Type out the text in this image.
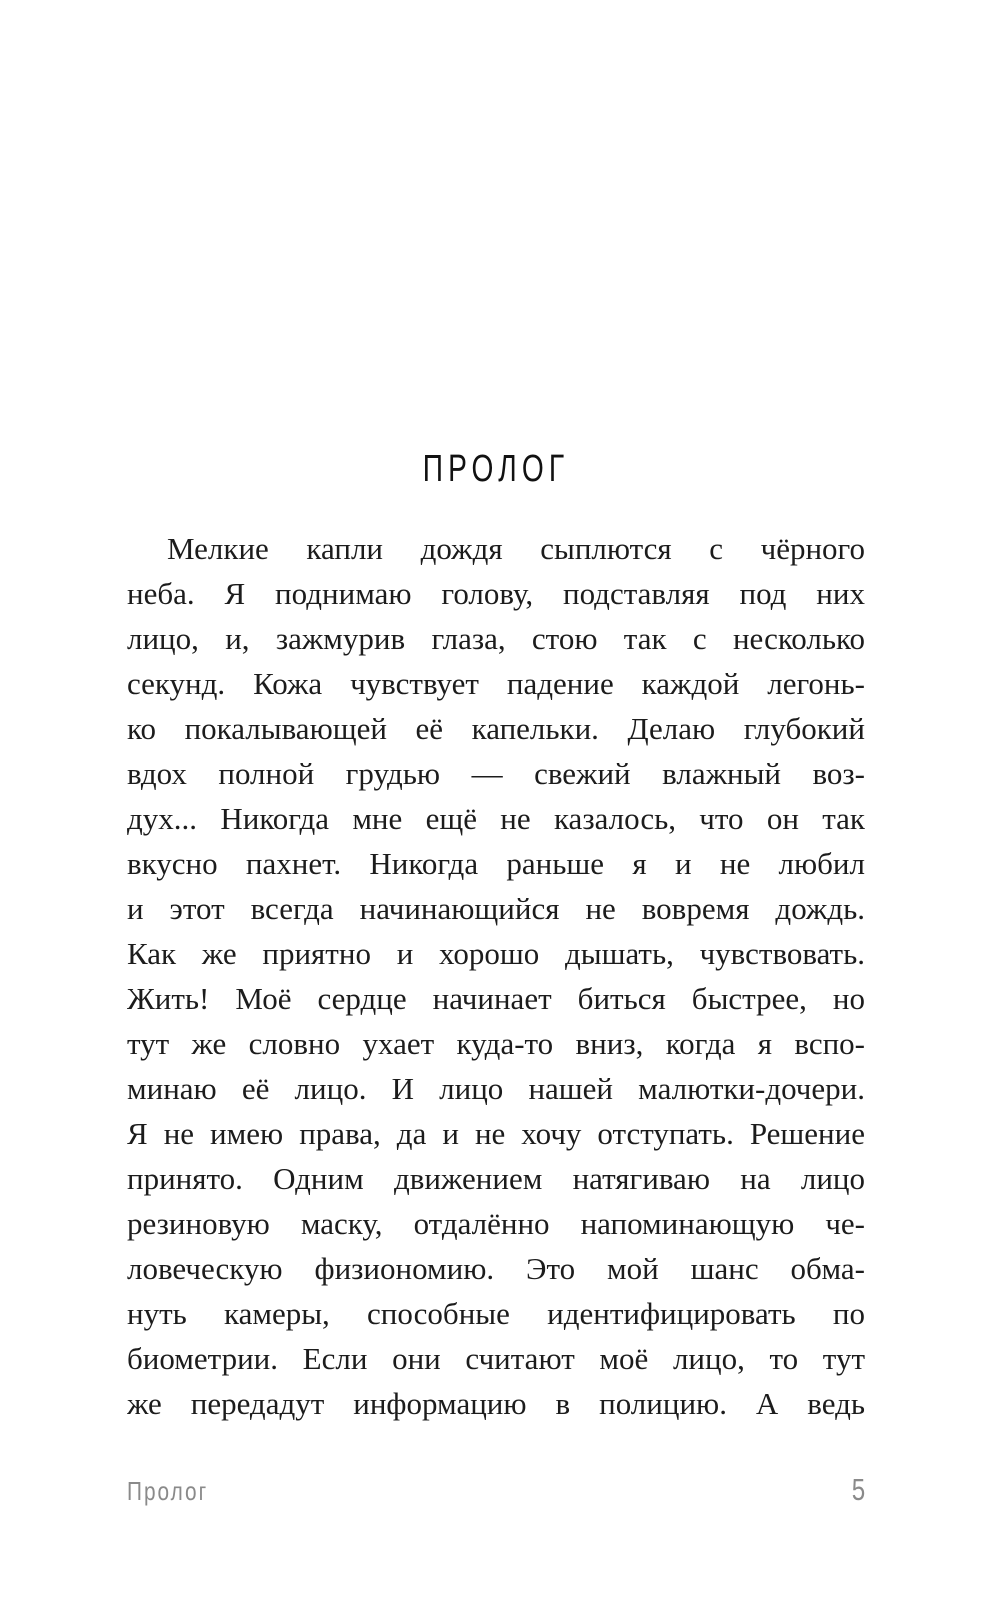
ПРОЛОГ
Мелкие капли дождя сыплются с чёрного
неба. Я поднимаю голову, подставляя под них
лицо, и, зажмурив глаза, стою так с несколько
секунд. Кожа чувствует падение каждой легонь-
ко покалывающей её капельки. Делаю глубокий
вдох полной грудью — свежий влажный воз-
дух... Никогда мне ещё не казалось, что он так
вкусно пахнет. Никогда раньше я и не любил
и этот всегда начинающийся не вовремя дождь.
Как же приятно и хорошо дышать, чувствовать.
Жить! Моё сердце начинает биться быстрее, но
тут же словно ухает куда-то вниз, когда я вспо-
минаю её лицо. И лицо нашей малютки-дочери.
Я не имею права, да и не хочу отступать. Решение
принято. Одним движением натягиваю на лицо
резиновую маску, отдалённо напоминающую че-
ловеческую физиономию. Это мой шанс обма-
нуть камеры, способные идентифицировать по
биометрии. Если они считают моё лицо, то тут
же передадут информацию в полицию. А ведь
Пролог	5
